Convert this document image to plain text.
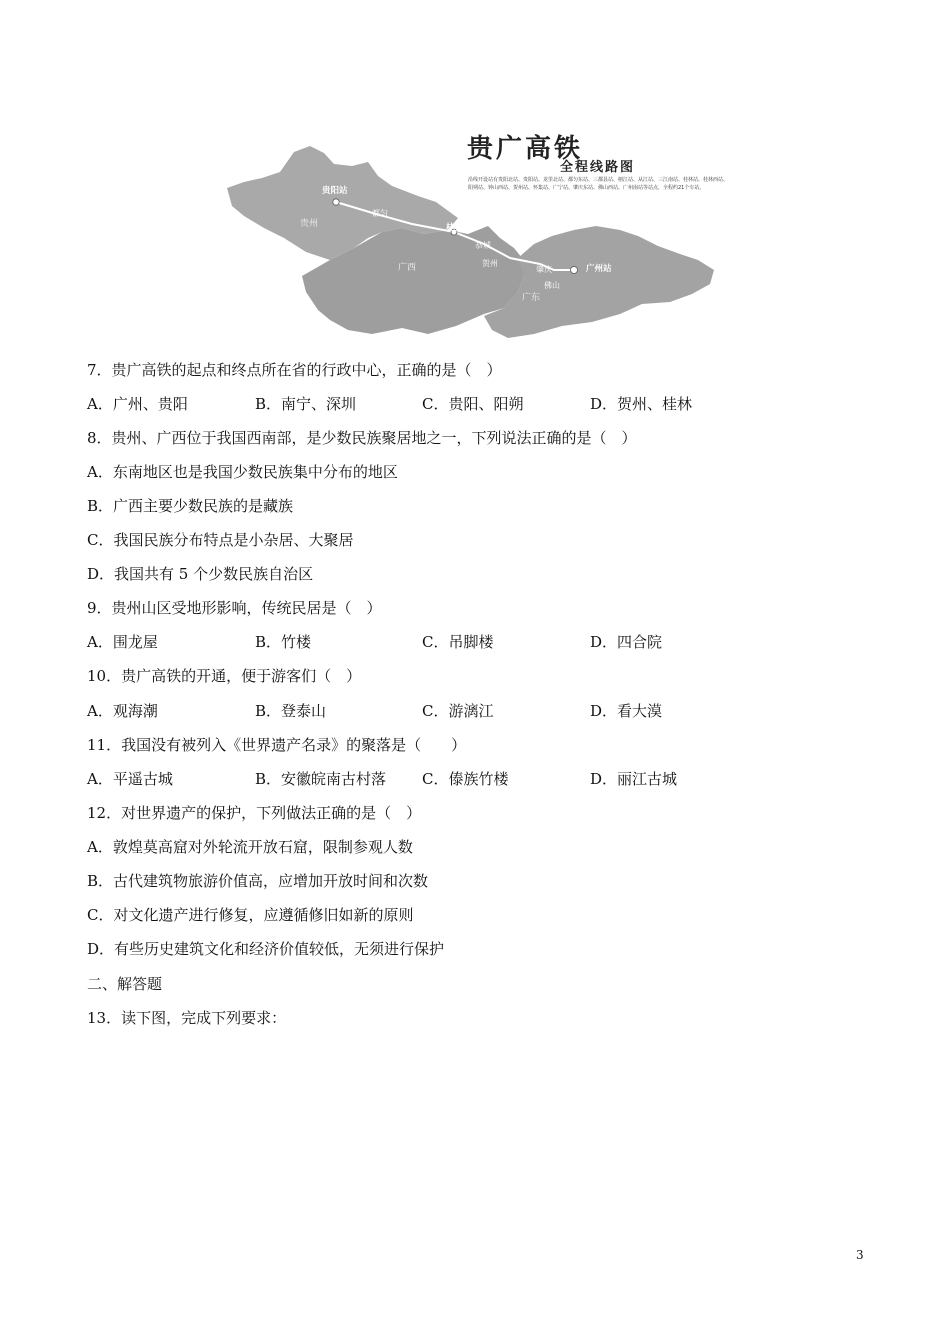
贵广高铁
全程线路图
沿线开设站有贵阳北站、贵阳站、龙里北站、都匀东站、三都县站、榕江站、从江站、三江南站、桂林站、桂林西站、阳朔站、钟山西站、贺州站、怀集站、广宁站、肇庆东站、佛山西站、广州南站等站点，全程约21个车站。
贵阳站
都匀
桂林站
恭城
贺州
肇庆
佛山
广州站
贵州
广西
广东
7．贵广高铁的起点和终点所在省的行政中心，正确的是（　）
A．广州、贵阳	B．南宁、深圳	C．贵阳、阳朔	D．贺州、桂林
8．贵州、广西位于我国西南部，是少数民族聚居地之一，下列说法正确的是（　）
A．东南地区也是我国少数民族集中分布的地区
B．广西主要少数民族的是藏族
C．我国民族分布特点是小杂居、大聚居
D．我国共有 5 个少数民族自治区
9．贵州山区受地形影响，传统民居是（　）
A．围龙屋	B．竹楼	C．吊脚楼	D．四合院
10．贵广高铁的开通，便于游客们（　）
A．观海潮	B．登泰山	C．游漓江	D．看大漠
11．我国没有被列入《世界遗产名录》的聚落是（　　）
A．平遥古城	B．安徽皖南古村落 C．傣族竹楼	D．丽江古城
12．对世界遗产的保护，下列做法正确的是（　）
A．敦煌莫高窟对外轮流开放石窟，限制参观人数
B．古代建筑物旅游价值高，应增加开放时间和次数
C．对文化遗产进行修复，应遵循修旧如新的原则
D．有些历史建筑文化和经济价值较低，无须进行保护
二、解答题
13．读下图，完成下列要求：
3
